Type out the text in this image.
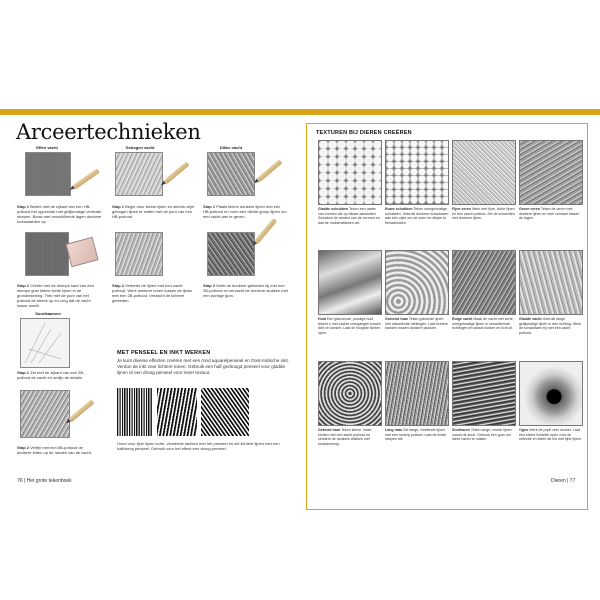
Arceertechnieken
Effen vacht	Gebogen vacht	Dikke vacht
Stap 1 Bedek met de zijkant van een HB-potlood het oppervlak met gelijkmatige verticale strepen. Bouw met verschillende lagen donkere toonwaarden op.
Stap 1 Begin door kleine lijnen en steeds vrijer gebogen lijnen te zetten met de punt van een HB-potlood.
Stap 1 Plaats kleine donkere lijnen met een HB-potlood en vorm een dichte groep lijnen om een vacht aan te geven.
Stap 2 Creëer met de stompe kant van een stompe gum kleine lichte lijnen in de grondtekening. Trek met de punt van het potlood de streek op en zorg dat de vacht losser wordt.
Stap 2 Verbeter de lijnen met een zacht potlood. Werk donkere tonen tussen de lijnen met een 2B-potlood. Verzacht de lichtere gebieden.
Stap 2 Werk de donkere gebieden bij met een 2B-potlood en verzacht de donkere stukken met een puntige gum.
Soortkaarsen
Stap 1 Zet met de zijkant van een 2B-potlood de vacht en omlijn de details.
Stap 2 Verfijn met een 6B-potlood de donkere tinten op de randen van de vacht.
MET PENSEEL EN INKT WERKEN
Je kunt diverse effecten creëren met een rond aquarelpenseel en Oost-Indische inkt. Verdun de inkt voor lichtere tonen. Gebruik een half gedroogd penseel voor gladde lijnen of een droog penseel voor meer textuur.
Houd voor fijne lijnen korte, vloeiende streken met het penseel en zet lichtere lijnen met een halfdroog penseel. Gebruik voor het effect een droog penseel.
76 | Het grote tekenboek
TEXTUREN BIJ DIEREN CREËREN
Gladde schubben Teken een raster van vormen die op elkaar aansluiten. Schaduw de randen van de vormen en laat de middenvlakken wit.
Ruwe schubben Teken onregelmatige schubben. Gebruik donkere schaduwen aan één zijde om de vorm en diepte te benadrukken.
Fijne veren Werk met fijne, lichte lijnen en een zacht potlood. Zet de schachten met donkere lijnen.
Grove veren Teken de veren met donkere lijnen en veel contrast tussen de lagen.
Huid Een glanzende, plooiige huid tekent u met zachte overgangen tussen licht en donker. Laat de hoogste lichten open.
Golvend haar Teken golvende lijnen met wisselende richtingen. Laat lichtere banden tussen donkere plukken.
Ruige vacht Maak de vacht met korte, onregelmatige lijnen in verschillende richtingen en wissel donker en licht af.
Gladde vacht Gebruik lange, gelijkmatige lijnen in één richting. Werk de schaduwen bij met een zacht potlood.
Gekruld haar Teken kleine, losse krullen met een zacht potlood en versterk de donkere vlakken met kruisarcering.
Lang haar Zet lange, vloeiende lijnen met een scherp potlood. Laat de lichte strepen wit.
Snorharen Teken lange, rechte lijnen vanuit de snuit. Gebruik een gum om lichte haren te maken.
Ogen Werk de pupil zeer donker. Laat een kleine lichtvlek open voor de reflectie en teken de iris met fijne lijnen.
Dieren | 77
